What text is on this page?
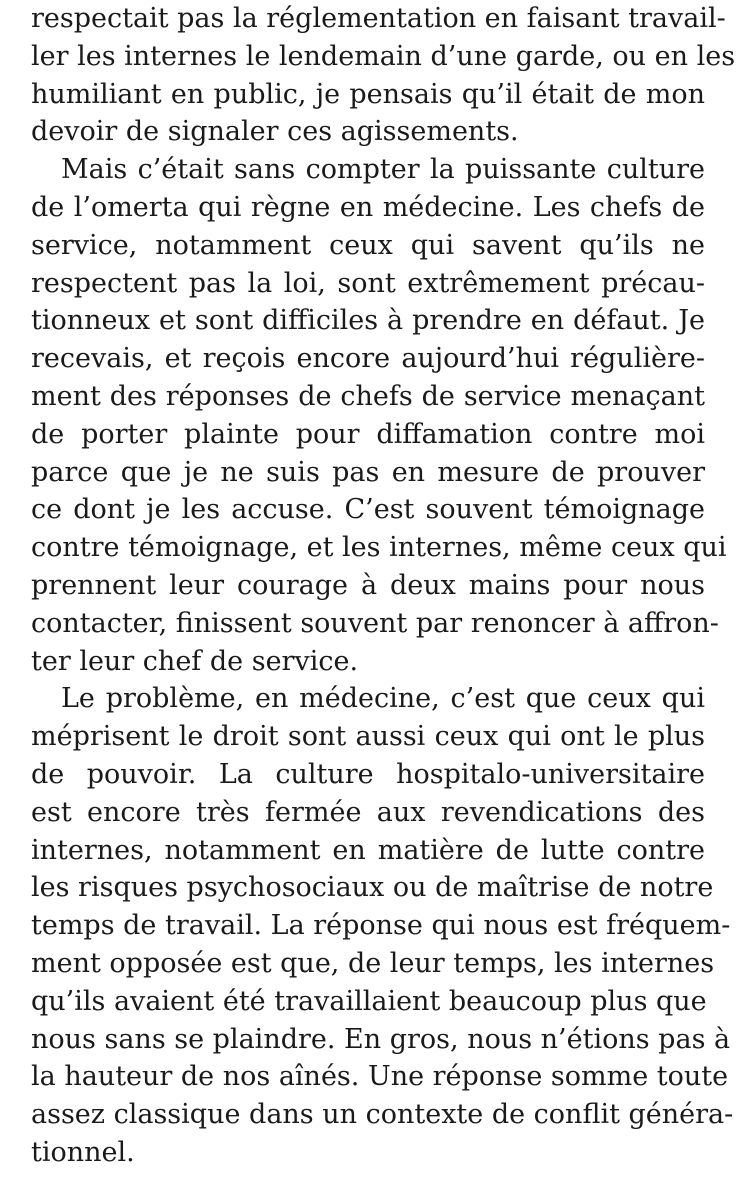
respectait pas la réglementation en faisant travail-
ler les internes le lendemain d’une garde, ou en les
humiliant en public, je pensais qu’il était de mon
devoir de signaler ces agissements.
Mais c’était sans compter la puissante culture
de l’omerta qui règne en médecine. Les chefs de
service, notamment ceux qui savent qu’ils ne
respectent pas la loi, sont extrêmement précau-
tionneux et sont difficiles à prendre en défaut. Je
recevais, et reçois encore aujourd’hui régulière-
ment des réponses de chefs de service menaçant
de porter plainte pour diffamation contre moi
parce que je ne suis pas en mesure de prouver
ce dont je les accuse. C’est souvent témoignage
contre témoignage, et les internes, même ceux qui
prennent leur courage à deux mains pour nous
contacter, finissent souvent par renoncer à affron-
ter leur chef de service.
Le problème, en médecine, c’est que ceux qui
méprisent le droit sont aussi ceux qui ont le plus
de pouvoir. La culture hospitalo-universitaire
est encore très fermée aux revendications des
internes, notamment en matière de lutte contre
les risques psychosociaux ou de maîtrise de notre
temps de travail. La réponse qui nous est fréquem-
ment opposée est que, de leur temps, les internes
qu’ils avaient été travaillaient beaucoup plus que
nous sans se plaindre. En gros, nous n’étions pas à
la hauteur de nos aînés. Une réponse somme toute
assez classique dans un contexte de conflit généra-
tionnel.
